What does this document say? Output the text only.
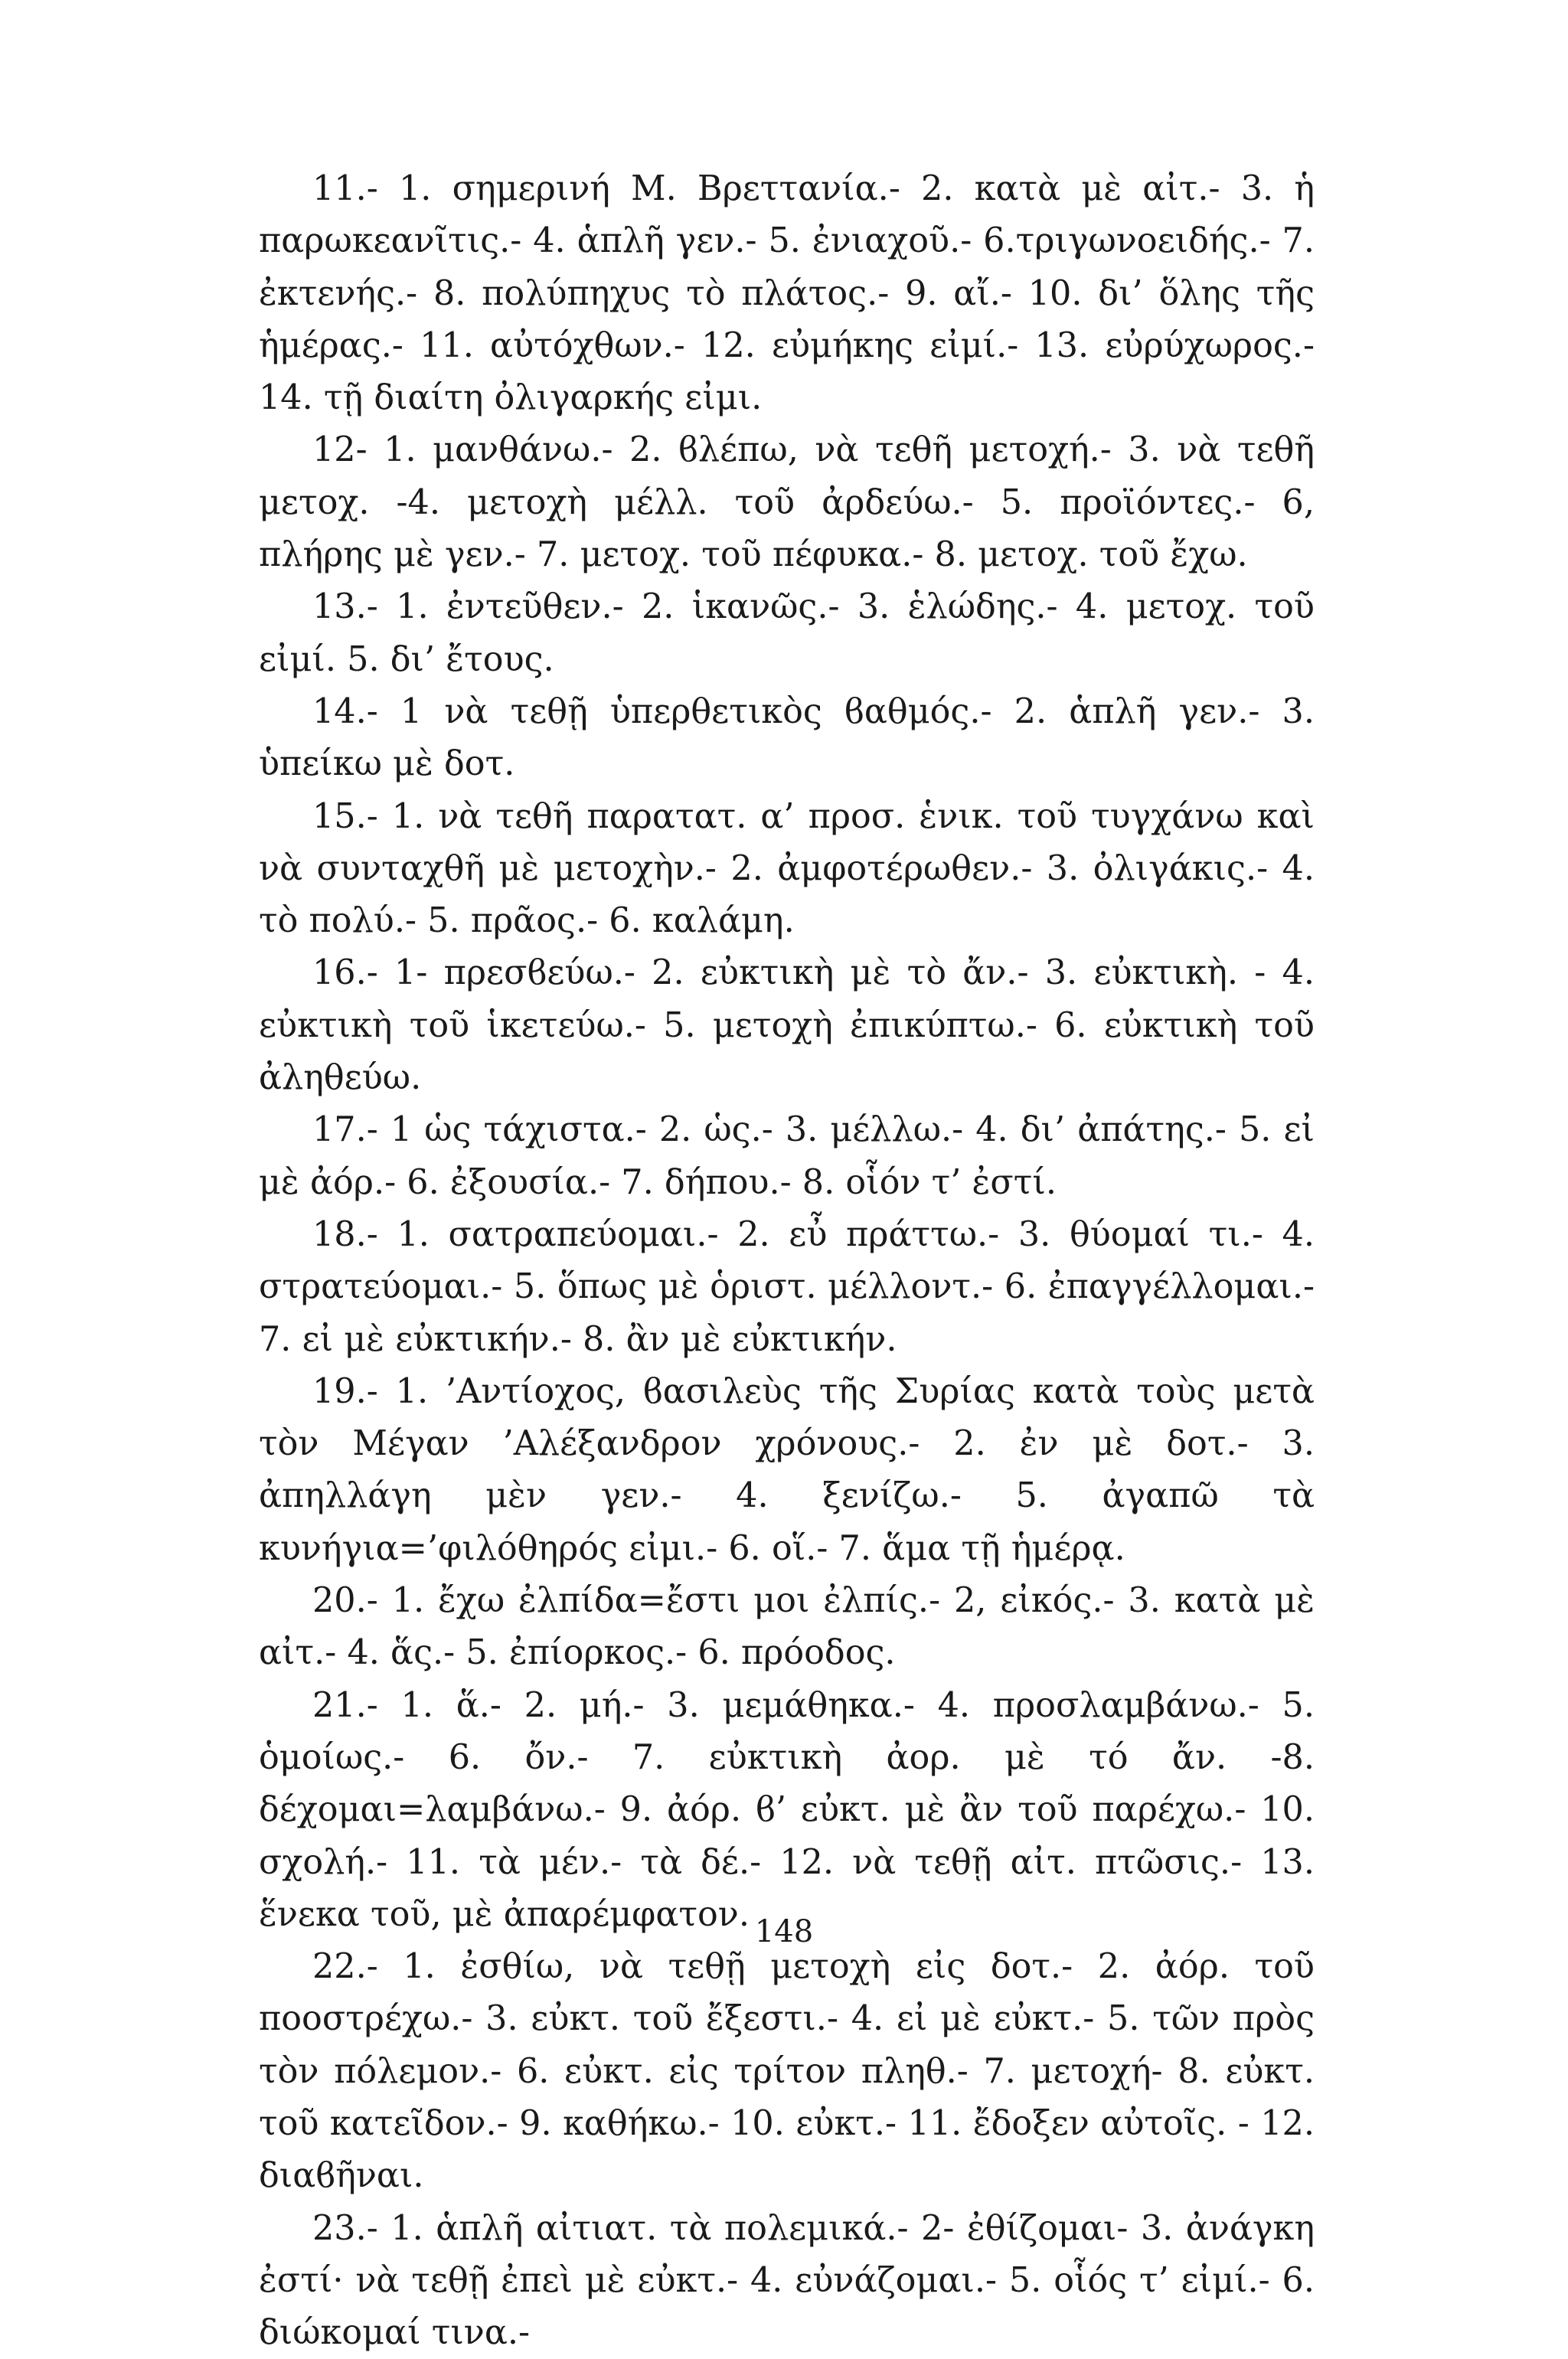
11.- 1. σημερινή Μ. Βρεττανία.- 2. κατὰ μὲ αἰτ.- 3. ἡ παρωκεανῖτις.- 4. ἁπλῆ γεν.- 5. ἐνιαχοῦ.- 6.τριγωνοειδής.- 7. ἐκτενής.- 8. πολύπηχυς τὸ πλάτος.- 9. αἴ.- 10. δι’ ὅλης τῆς ἡμέρας.- 11. αὐτόχθων.- 12. εὐμήκης εἰμί.- 13. εὐρύχωρος.- 14. τῇ διαίτη ὀλιγαρκής εἰμι.

12- 1. μανθάνω.- 2. ϐλέπω, νὰ τεθῆ μετοχή.- 3. νὰ τεθῆ μετοχ. -4. μετοχὴ μέλλ. τοῦ ἀρδεύω.- 5. προϊόντες.- 6, πλήρης μὲ γεν.- 7. μετοχ. τοῦ πέφυκα.- 8. μετοχ. τοῦ ἔχω.

13.- 1. ἐντεῦθεν.- 2. ἱκανῶς.- 3. ἑλώδης.- 4. μετοχ. τοῦ εἰμί. 5. δι’ ἔτους.

14.- 1 νὰ τεθῇ ὑπερθετικὸς ϐαθμός.- 2. ἁπλῆ γεν.- 3. ὑπείκω μὲ δοτ.

15.- 1. νὰ τεθῆ παρατατ. α’ προσ. ἑνικ. τοῦ τυγχάνω καὶ νὰ συνταχθῆ μὲ μετοχὴν.- 2. ἀμφοτέρωθεν.- 3. ὀλιγάκις.- 4. τὸ πολύ.- 5. πρᾶος.- 6. καλάμη.

16.- 1- πρεσϐεύω.- 2. εὐκτικὴ μὲ τὸ ἄν.- 3. εὐκτικὴ. - 4. εὐκτικὴ τοῦ ἱκετεύω.- 5. μετοχὴ ἐπικύπτω.- 6. εὐκτικὴ τοῦ ἀληθεύω.

17.- 1 ὡς τάχιστα.- 2. ὡς.- 3. μέλλω.- 4. δι’ ἀπάτης.- 5. εἰ μὲ ἀόρ.- 6. ἐξουσία.- 7. δήπου.- 8. οἷόν τ’ ἐστί.

18.- 1. σατραπεύομαι.- 2. εὖ πράττω.- 3. θύομαί τι.- 4. στρατεύομαι.- 5. ὅπως μὲ ὁριστ. μέλλοντ.- 6. ἐπαγγέλλομαι.- 7. εἰ μὲ εὐκτικήν.- 8. ἂν μὲ εὐκτικήν.

19.- 1. ’Αντίοχος, ϐασιλεὺς τῆς Συρίας κατὰ τοὺς μετὰ τὸν Μέγαν ’Αλέξανδρον χρόνους.- 2. ἐν μὲ δοτ.- 3. ἀπηλλάγη μὲν γεν.- 4. ξενίζω.- 5. ἀγαπῶ τὰ κυνήγια=’φιλόθηρός εἰμι.- 6. οἵ.- 7. ἅμα τῇ ἡμέρᾳ.

20.- 1. ἔχω ἐλπίδα=ἔστι μοι ἐλπίς.- 2, εἰκός.- 3. κατὰ μὲ αἰτ.- 4. ἅς.- 5. ἐπίορκος.- 6. πρόοδος.

21.- 1. ἅ.- 2. μή.- 3. μεμάθηκα.- 4. προσλαμβάνω.- 5. ὁμοίως.- 6. ὄν.- 7. εὐκτικὴ ἀορ. μὲ τό ἄν. -8. δέχομαι=λαμβάνω.- 9. ἀόρ. ϐ’ εὐκτ. μὲ ἂν τοῦ παρέχω.- 10. σχολή.- 11. τὰ μέν.- τὰ δέ.- 12. νὰ τεθῇ αἰτ. πτῶσις.- 13. ἕνεκα τοῦ, μὲ ἀπαρέμφατον.

22.- 1. ἐσθίω, νὰ τεθῇ μετοχὴ εἰς δοτ.- 2. ἀόρ. τοῦ ποοστρέχω.- 3. εὐκτ. τοῦ ἔξεστι.- 4. εἰ μὲ εὐκτ.- 5. τῶν πρὸς τὸν πόλεμον.- 6. εὐκτ. εἰς τρίτον πληθ.- 7. μετοχή- 8. εὐκτ. τοῦ κατεῖδον.- 9. καθήκω.- 10. εὐκτ.- 11. ἔδοξεν αὐτοῖς. - 12. διαϐῆναι.

23.- 1. ἁπλῆ αἰτιατ. τὰ πολεμικά.- 2- ἐθίζομαι- 3. ἀνάγκη ἐστί· νὰ τεθῇ ἐπεὶ μὲ εὐκτ.- 4. εὐνάζομαι.- 5. οἷός τ’ εἰμί.- 6. διώκομαί τινα.-

148
